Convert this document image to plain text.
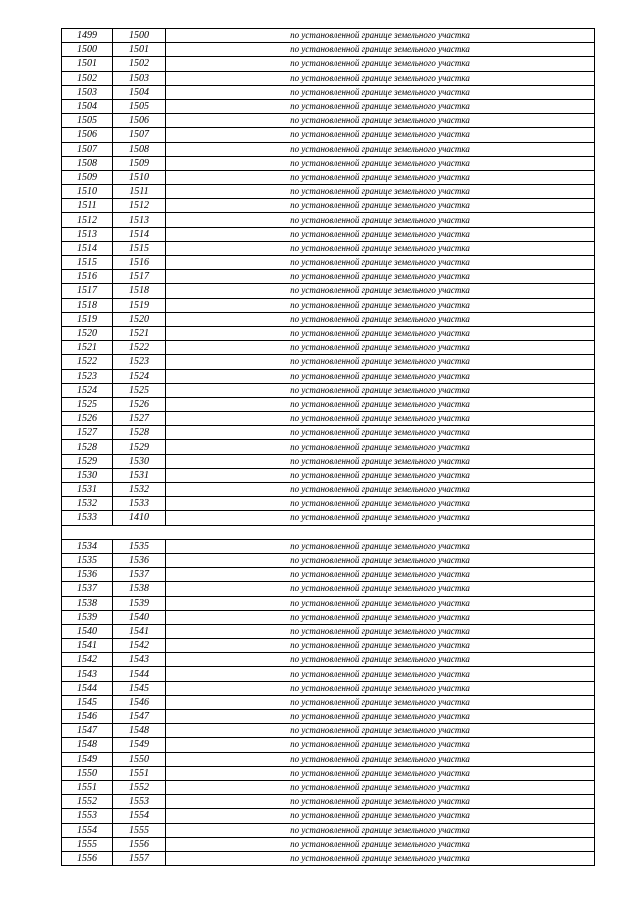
1499	1500	по установленной границе земельного участка
1500	1501	по установленной границе земельного участка
1501	1502	по установленной границе земельного участка
1502	1503	по установленной границе земельного участка
1503	1504	по установленной границе земельного участка
1504	1505	по установленной границе земельного участка
1505	1506	по установленной границе земельного участка
1506	1507	по установленной границе земельного участка
1507	1508	по установленной границе земельного участка
1508	1509	по установленной границе земельного участка
1509	1510	по установленной границе земельного участка
1510	1511	по установленной границе земельного участка
1511	1512	по установленной границе земельного участка
1512	1513	по установленной границе земельного участка
1513	1514	по установленной границе земельного участка
1514	1515	по установленной границе земельного участка
1515	1516	по установленной границе земельного участка
1516	1517	по установленной границе земельного участка
1517	1518	по установленной границе земельного участка
1518	1519	по установленной границе земельного участка
1519	1520	по установленной границе земельного участка
1520	1521	по установленной границе земельного участка
1521	1522	по установленной границе земельного участка
1522	1523	по установленной границе земельного участка
1523	1524	по установленной границе земельного участка
1524	1525	по установленной границе земельного участка
1525	1526	по установленной границе земельного участка
1526	1527	по установленной границе земельного участка
1527	1528	по установленной границе земельного участка
1528	1529	по установленной границе земельного участка
1529	1530	по установленной границе земельного участка
1530	1531	по установленной границе земельного участка
1531	1532	по установленной границе земельного участка
1532	1533	по установленной границе земельного участка
1533	1410	по установленной границе земельного участка

1534	1535	по установленной границе земельного участка
1535	1536	по установленной границе земельного участка
1536	1537	по установленной границе земельного участка
1537	1538	по установленной границе земельного участка
1538	1539	по установленной границе земельного участка
1539	1540	по установленной границе земельного участка
1540	1541	по установленной границе земельного участка
1541	1542	по установленной границе земельного участка
1542	1543	по установленной границе земельного участка
1543	1544	по установленной границе земельного участка
1544	1545	по установленной границе земельного участка
1545	1546	по установленной границе земельного участка
1546	1547	по установленной границе земельного участка
1547	1548	по установленной границе земельного участка
1548	1549	по установленной границе земельного участка
1549	1550	по установленной границе земельного участка
1550	1551	по установленной границе земельного участка
1551	1552	по установленной границе земельного участка
1552	1553	по установленной границе земельного участка
1553	1554	по установленной границе земельного участка
1554	1555	по установленной границе земельного участка
1555	1556	по установленной границе земельного участка
1556	1557	по установленной границе земельного участка
